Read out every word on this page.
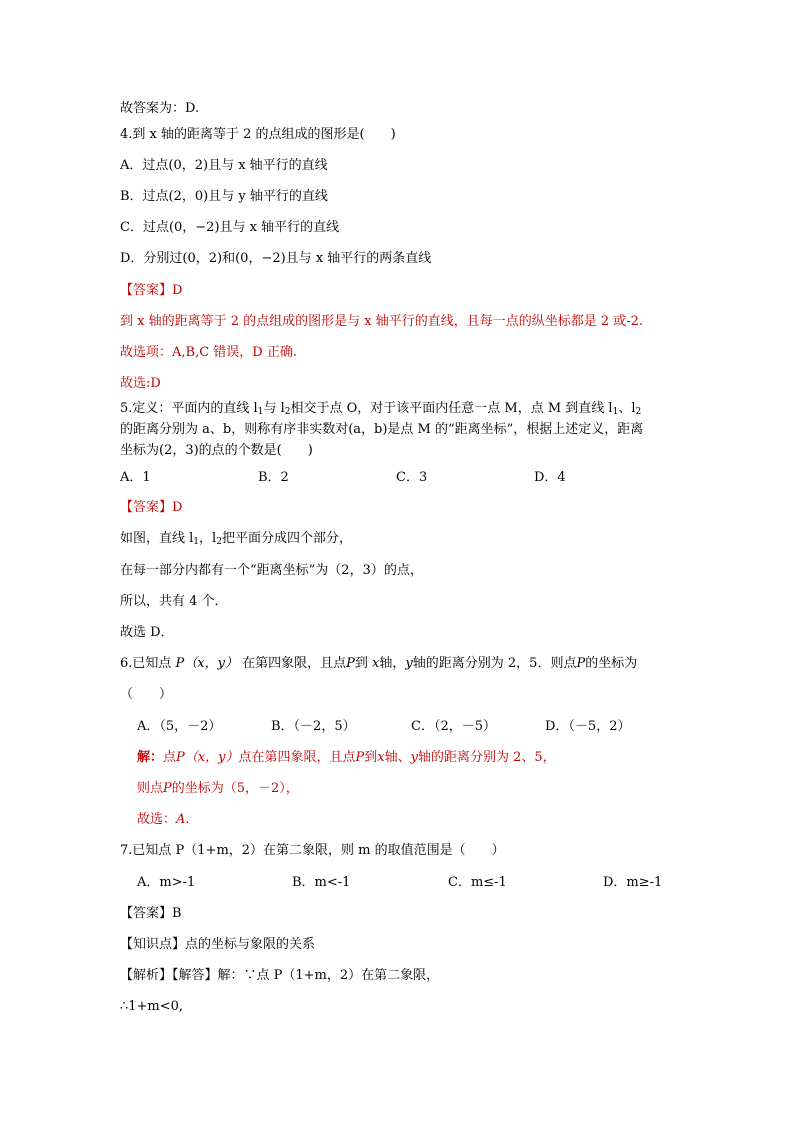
故答案为：D.
4.到 x 轴的距离等于 2 的点组成的图形是(　　)
A．过点(0，2)且与 x 轴平行的直线
B．过点(2，0)且与 y 轴平行的直线
C．过点(0，−2)且与 x 轴平行的直线
D．分别过(0，2)和(0，−2)且与 x 轴平行的两条直线
【答案】D
到 x 轴的距离等于 2 的点组成的图形是与 x 轴平行的直线，且每一点的纵坐标都是 2 或-2.
故选项：A,B,C 错误，D 正确.
故选:D
5.定义：平面内的直线 $l_1$与 $l_2$相交于点 O，对于该平面内任意一点 M，点 M 到直线 $l_1$、$l_2$
的距离分别为 a、b，则称有序非实数对(a，b)是点 M 的“距离坐标”，根据上述定义，距离
坐标为(2，3)的点的个数是(　　)
A．1	B．2	C．3	D．4
【答案】D
如图，直线 $l_1$，$l_2$把平面分成四个部分，
在每一部分内都有一个“距离坐标”为（2，3）的点，
所以，共有 4 个．
故选 D．
6.已知点 P（x，y） 在第四象限，且点P到 x轴，y轴的距离分别为 2，5．则点P的坐标为
（　　）
A．（5，－2）	B．（－2，5）	C．（2，－5）	D．（－5，2）
解：点P（x，y）点在第四象限，且点P到x轴、y轴的距离分别为 2、5，
则点P的坐标为（5，－2），
故选：A.
7.已知点 P（1+m，2）在第二象限，则 m 的取值范围是（　　）
A．m>-1	B．m<-1	C．m≤-1	D．m≥-1
【答案】B
【知识点】点的坐标与象限的关系
【解析】【解答】解：∵点 P（1+m，2）在第二象限，
∴1+m<0,
